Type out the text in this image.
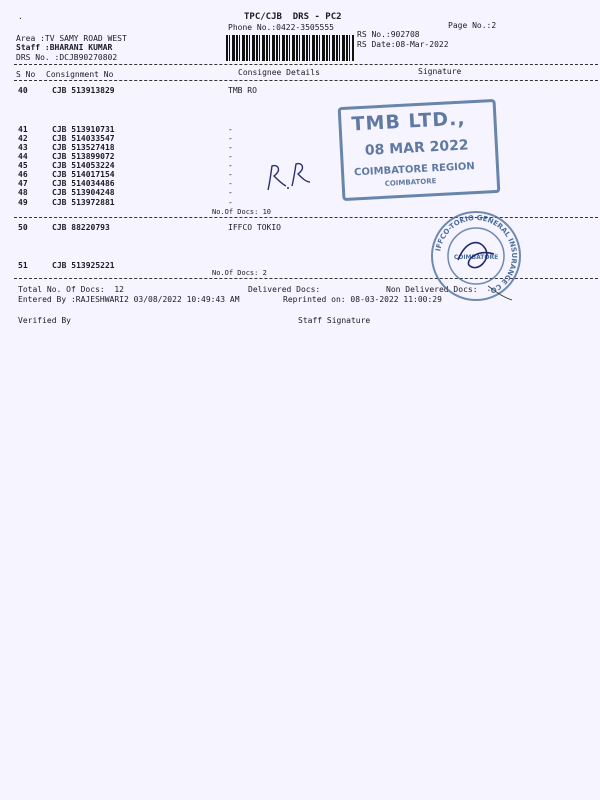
·	TPC/CJB  DRS - PC2
Phone No.:0422-3505555	Page No.:2
Area :TV SAMY ROAD WEST
Staff :BHARANI KUMAR
DRS No. :DCJB90270802
RS No.:902708
RS Date:08-Mar-2022
S No Consignment No	Consignee Details	Signature
40	CJB 513913829	TMB RO
41	CJB 513910731	-
42	CJB 514033547	-
43	CJB 513527418	-
44	CJB 513899072	-
45	CJB 514053224	-
46	CJB 514017154	-
47	CJB 514034486	-
48	CJB 513904248	-
49	CJB 513972881	-
No.Of Docs: 10
50	CJB 88220793	IFFCO TOKIO
51	CJB 513925221
No.Of Docs: 2
Total No. Of Docs:  12	Delivered Docs:	Non Delivered Docs:
Entered By :RAJESHWARI2 03/08/2022 10:49:43 AM	Reprinted on: 08-03-2022 11:00:29
Verified By	Staff Signature
TMB LTD.,
08 MAR 2022
COIMBATORE REGION
COIMBATORE
IFFCO-TOKIO GENERAL INSURANCE CO.
COIMBATORE
